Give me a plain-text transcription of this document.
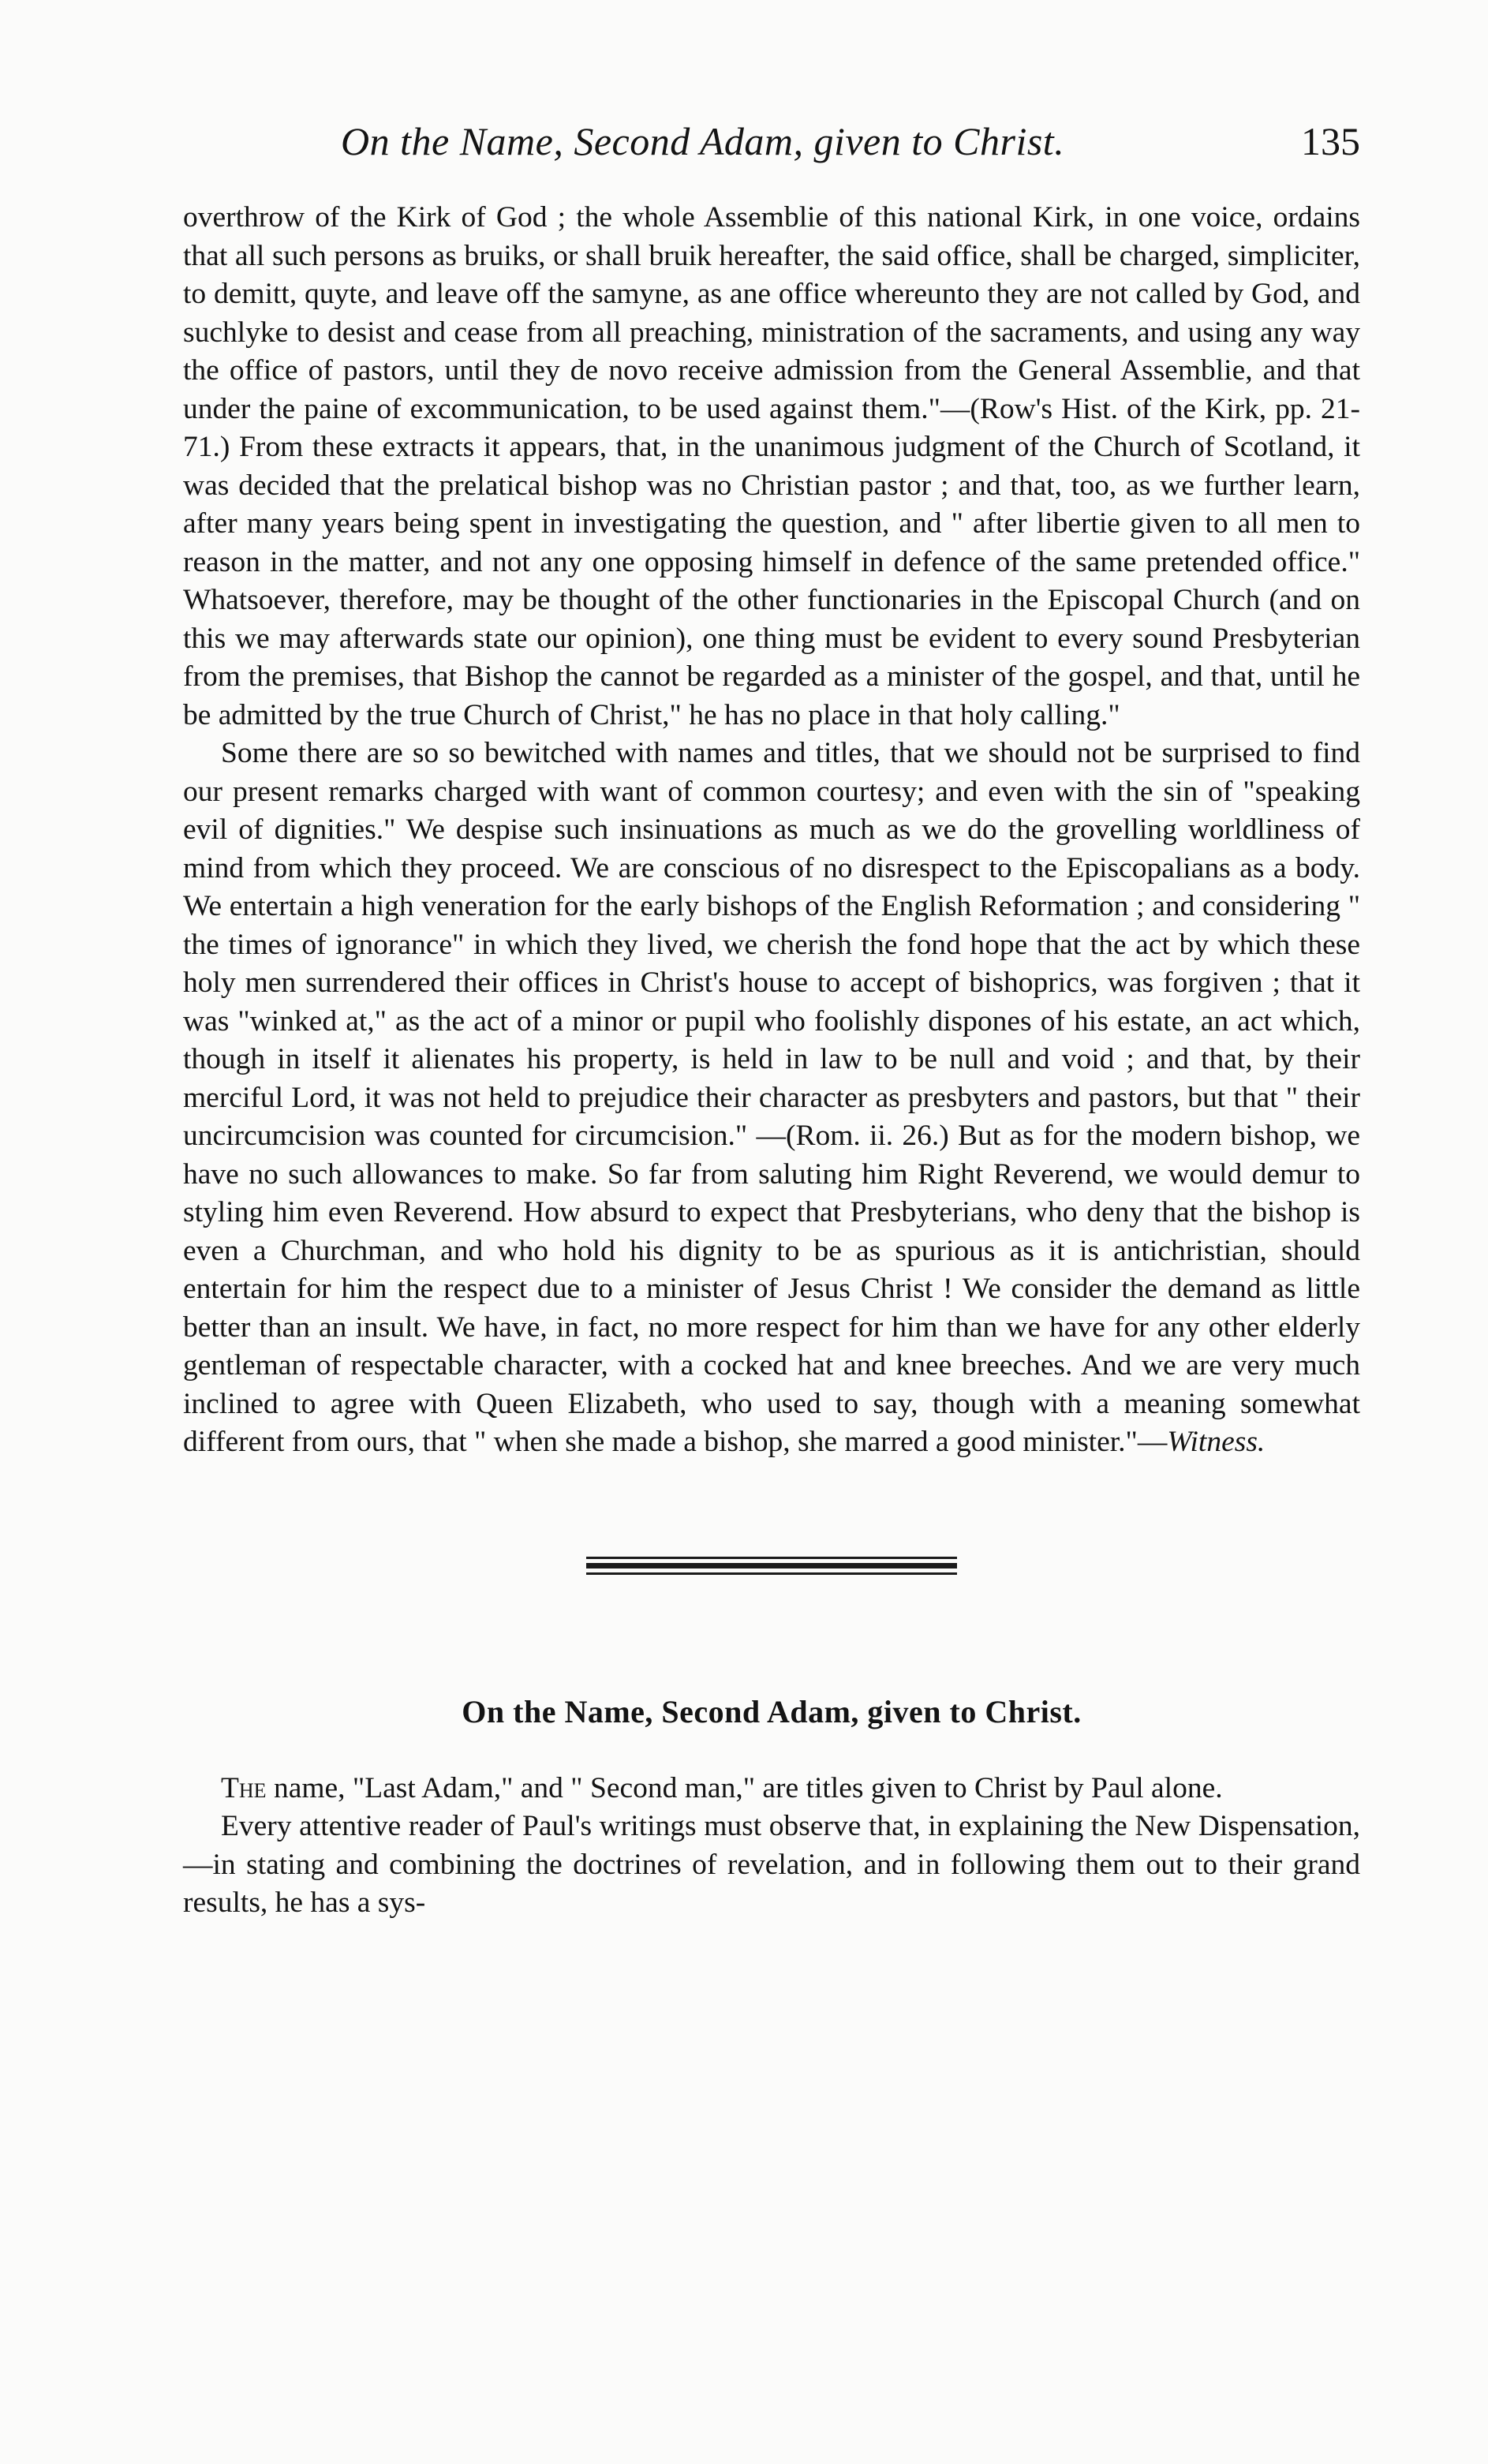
On the Name, Second Adam, given to Christ.	135

overthrow of the Kirk of God ; the whole Assemblie of this national Kirk, in one voice, ordains that all such persons as bruiks, or shall bruik hereafter, the said office, shall be charged, simpliciter, to demitt, quyte, and leave off the samyne, as ane office whereunto they are not called by God, and suchlyke to desist and cease from all preaching, ministration of the sacraments, and using any way the office of pastors, until they de novo receive admission from the General Assemblie, and that under the paine of excommunication, to be used against them."—(Row's Hist. of the Kirk, pp. 21-71.) From these extracts it appears, that, in the unanimous judgment of the Church of Scotland, it was decided that the prelatical bishop was no Christian pastor ; and that, too, as we further learn, after many years being spent in investigating the question, and " after libertie given to all men to reason in the matter, and not any one opposing himself in defence of the same pretended office." Whatsoever, therefore, may be thought of the other functionaries in the Episcopal Church (and on this we may afterwards state our opinion), one thing must be evident to every sound Presbyterian from the premises, that Bishop the cannot be regarded as a minister of the gospel, and that, until he be admitted by the true Church of Christ," he has no place in that holy calling."

Some there are so so bewitched with names and titles, that we should not be surprised to find our present remarks charged with want of common courtesy; and even with the sin of "speaking evil of dignities." We despise such insinuations as much as we do the grovelling worldliness of mind from which they proceed. We are conscious of no disrespect to the Episcopalians as a body. We entertain a high veneration for the early bishops of the English Reformation ; and considering " the times of ignorance" in which they lived, we cherish the fond hope that the act by which these holy men surrendered their offices in Christ's house to accept of bishoprics, was forgiven ; that it was "winked at," as the act of a minor or pupil who foolishly dispones of his estate, an act which, though in itself it alienates his property, is held in law to be null and void ; and that, by their merciful Lord, it was not held to prejudice their character as presbyters and pastors, but that " their uncircumcision was counted for circumcision." —(Rom. ii. 26.) But as for the modern bishop, we have no such allowances to make. So far from saluting him Right Reverend, we would demur to styling him even Reverend. How absurd to expect that Presbyterians, who deny that the bishop is even a Churchman, and who hold his dignity to be as spurious as it is antichristian, should entertain for him the respect due to a minister of Jesus Christ ! We consider the demand as little better than an insult. We have, in fact, no more respect for him than we have for any other elderly gentleman of respectable character, with a cocked hat and knee breeches. And we are very much inclined to agree with Queen Elizabeth, who used to say, though with a meaning somewhat different from ours, that " when she made a bishop, she marred a good minister."—Witness.

On the Name, Second Adam, given to Christ.

The name, "Last Adam," and " Second man," are titles given to Christ by Paul alone.

Every attentive reader of Paul's writings must observe that, in explaining the New Dispensation,—in stating and combining the doctrines of revelation, and in following them out to their grand results, he has a sys-
